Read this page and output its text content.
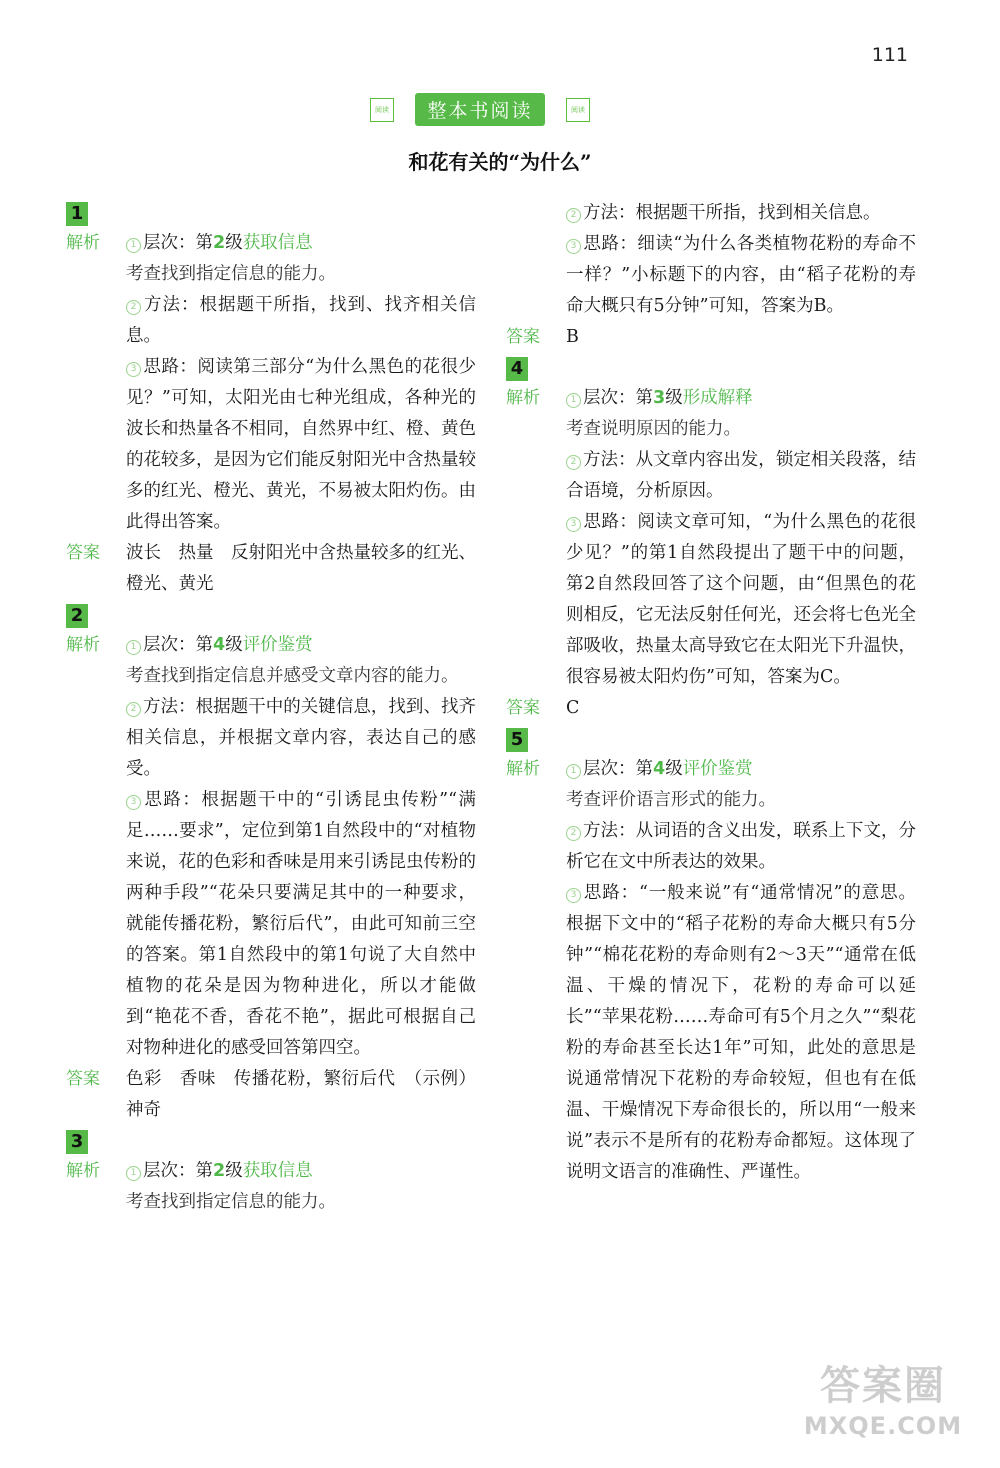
111
阅读	整本书阅读	阅读
和花有关的“为什么”
1
解析	1 层次：第2级获取信息
考查找到指定信息的能力。
2 方法：根据题干所指，找到、找齐相关信息。
3 思路：阅读第三部分“为什么黑色的花很少见？”可知，太阳光由七种光组成，各种光的波长和热量各不相同，自然界中红、橙、黄色的花较多，是因为它们能反射阳光中含热量较多的红光、橙光、黄光，不易被太阳灼伤。由此得出答案。
答案	波长　热量　反射阳光中含热量较多的红光、橙光、黄光
2
解析	1 层次：第4级评价鉴赏
考查找到指定信息并感受文章内容的能力。
2 方法：根据题干中的关键信息，找到、找齐相关信息，并根据文章内容，表达自己的感受。
3 思路：根据题干中的“引诱昆虫传粉”“满足……要求”，定位到第1自然段中的“对植物来说，花的色彩和香味是用来引诱昆虫传粉的两种手段”“花朵只要满足其中的一种要求，就能传播花粉，繁衍后代”，由此可知前三空的答案。第1自然段中的第1句说了大自然中植物的花朵是因为物种进化，所以才能做到“艳花不香，香花不艳”，据此可根据自己对物种进化的感受回答第四空。
答案	色彩　香味　传播花粉，繁衍后代　（示例）神奇
3
解析	1 层次：第2级获取信息
考查找到指定信息的能力。
2 方法：根据题干所指，找到相关信息。
3 思路：细读“为什么各类植物花粉的寿命不一样？”小标题下的内容，由“稻子花粉的寿命大概只有5分钟”可知，答案为B。
答案	B
4
解析	1 层次：第3级形成解释
考查说明原因的能力。
2 方法：从文章内容出发，锁定相关段落，结合语境，分析原因。
3 思路：阅读文章可知，“为什么黑色的花很少见？”的第1自然段提出了题干中的问题，第2自然段回答了这个问题，由“但黑色的花则相反，它无法反射任何光，还会将七色光全部吸收，热量太高导致它在太阳光下升温快，很容易被太阳灼伤”可知，答案为C。
答案	C
5
解析	1 层次：第4级评价鉴赏
考查评价语言形式的能力。
2 方法：从词语的含义出发，联系上下文，分析它在文中所表达的效果。
3 思路：“一般来说”有“通常情况”的意思。根据下文中的“稻子花粉的寿命大概只有5分钟”“棉花花粉的寿命则有2～3天”“通常在低温、干燥的情况下，花粉的寿命可以延长”“苹果花粉……寿命可有5个月之久”“梨花粉的寿命甚至长达1年”可知，此处的意思是说通常情况下花粉的寿命较短，但也有在低温、干燥情况下寿命很长的，所以用“一般来说”表示不是所有的花粉寿命都短。这体现了说明文语言的准确性、严谨性。
答案圈
MXQE.COM
